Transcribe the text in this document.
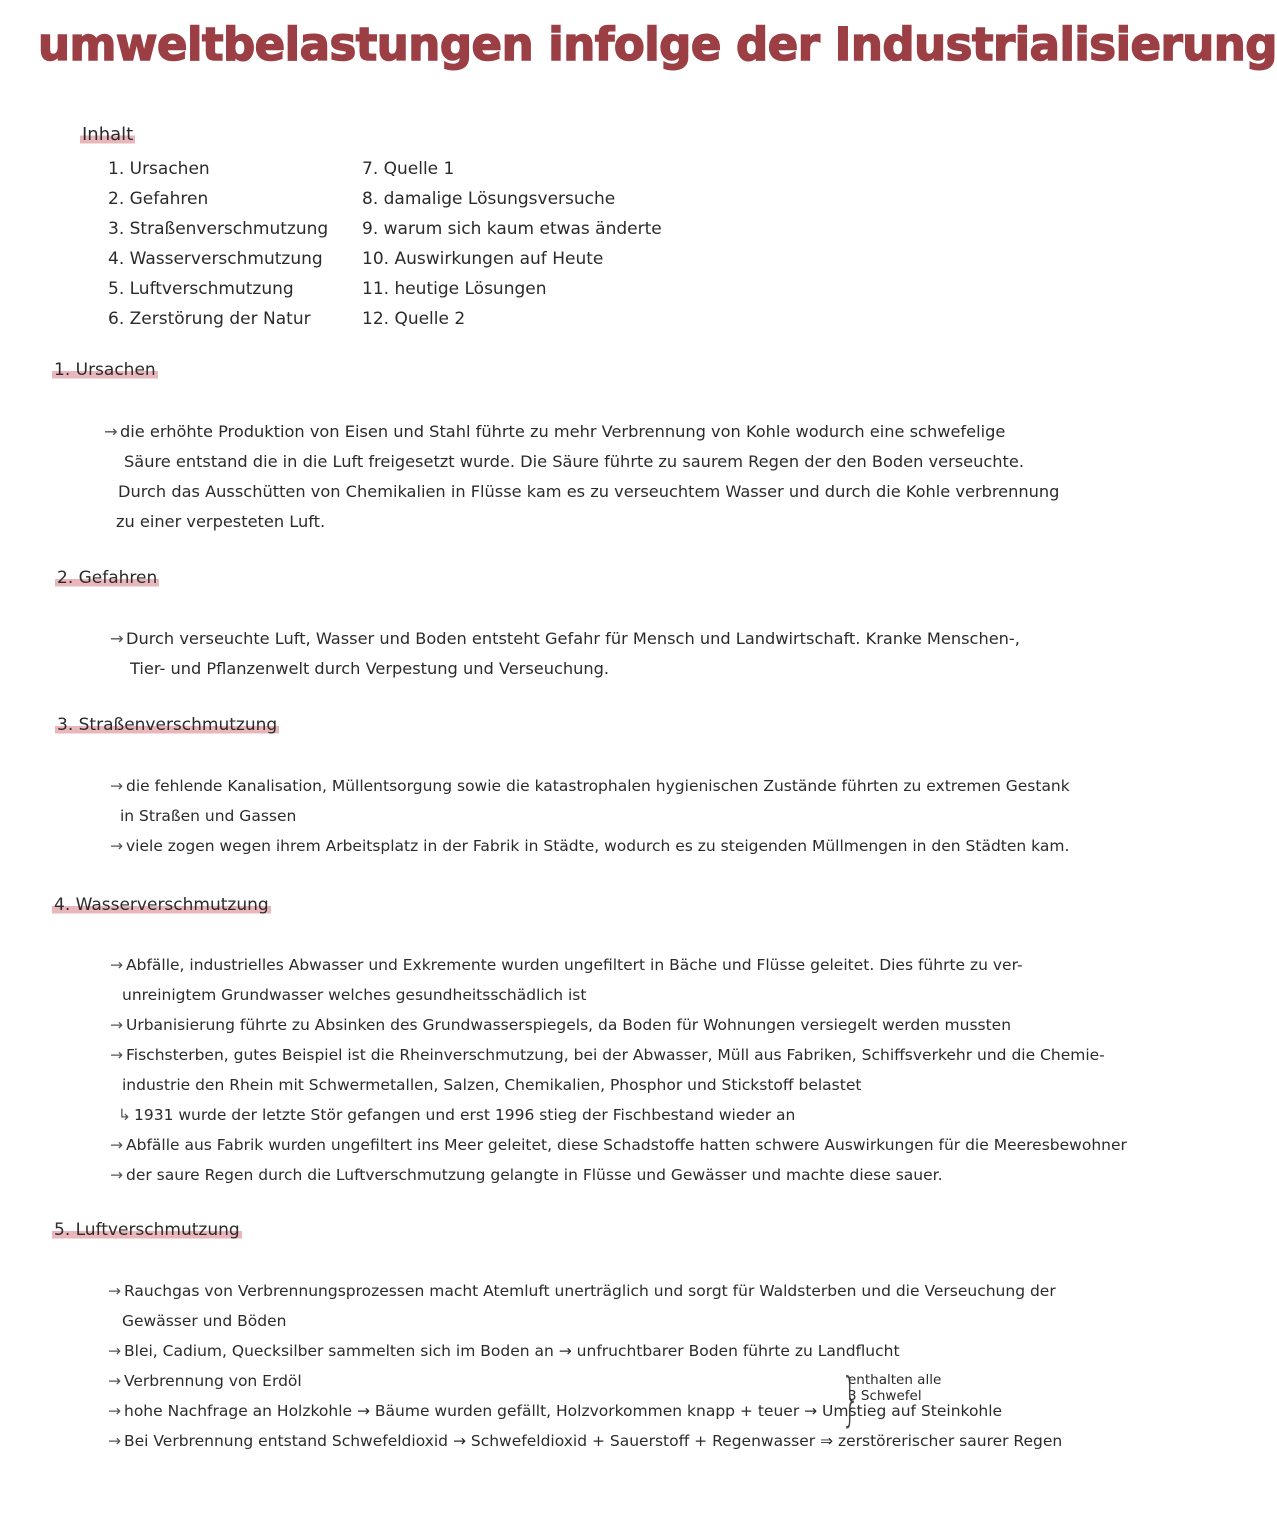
umweltbelastungen infolge der Industrialisierung
Inhalt
1. Ursachen
2. Gefahren
3. Straßenverschmutzung
4. Wasserverschmutzung
5. Luftverschmutzung
6. Zerstörung der Natur
7. Quelle 1
8. damalige Lösungsversuche
9. warum sich kaum etwas änderte
10. Auswirkungen auf Heute
11. heutige Lösungen
12. Quelle 2
1. Ursachen
→ die erhöhte Produktion von Eisen und Stahl führte zu mehr Verbrennung von Kohle wodurch eine schwefelige
Säure entstand die in die Luft freigesetzt wurde. Die Säure führte zu saurem Regen der den Boden verseuchte.
Durch das Ausschütten von Chemikalien in Flüsse kam es zu verseuchtem Wasser und durch die Kohle verbrennung
zu einer verpesteten Luft.
2. Gefahren
→ Durch verseuchte Luft, Wasser und Boden entsteht Gefahr für Mensch und Landwirtschaft. Kranke Menschen-,
Tier- und Pflanzenwelt durch Verpestung und Verseuchung.
3. Straßenverschmutzung
→ die fehlende Kanalisation, Müllentsorgung sowie die katastrophalen hygienischen Zustände führten zu extremen Gestank
in Straßen und Gassen
→ viele zogen wegen ihrem Arbeitsplatz in der Fabrik in Städte, wodurch es zu steigenden Müllmengen in den Städten kam.
4. Wasserverschmutzung
→ Abfälle, industrielles Abwasser und Exkremente wurden ungefiltert in Bäche und Flüsse geleitet. Dies führte zu ver-
unreinigtem Grundwasser welches gesundheitsschädlich ist
→ Urbanisierung führte zu Absinken des Grundwasserspiegels, da Boden für Wohnungen versiegelt werden mussten
→ Fischsterben, gutes Beispiel ist die Rheinverschmutzung, bei der Abwasser, Müll aus Fabriken, Schiffsverkehr und die Chemie-
industrie den Rhein mit Schwermetallen, Salzen, Chemikalien, Phosphor und Stickstoff belastet
↳ 1931 wurde der letzte Stör gefangen und erst 1996 stieg der Fischbestand wieder an
→ Abfälle aus Fabrik wurden ungefiltert ins Meer geleitet, diese Schadstoffe hatten schwere Auswirkungen für die Meeresbewohner
→ der saure Regen durch die Luftverschmutzung gelangte in Flüsse und Gewässer und machte diese sauer.
5. Luftverschmutzung
→ Rauchgas von Verbrennungsprozessen macht Atemluft unerträglich und sorgt für Waldsterben und die Verseuchung der
Gewässer und Böden
→ Blei, Cadium, Quecksilber sammelten sich im Boden an → unfruchtbarer Boden führte zu Landflucht
→ Verbrennung von Erdöl
→ hohe Nachfrage an Holzkohle → Bäume wurden gefällt, Holzvorkommen knapp + teuer → Umstieg auf Steinkohle
→ Bei Verbrennung entstand Schwefeldioxid → Schwefeldioxid + Sauerstoff + Regenwasser ⇒ zerstörerischer saurer Regen
}
enthalten alle
3 Schwefel
